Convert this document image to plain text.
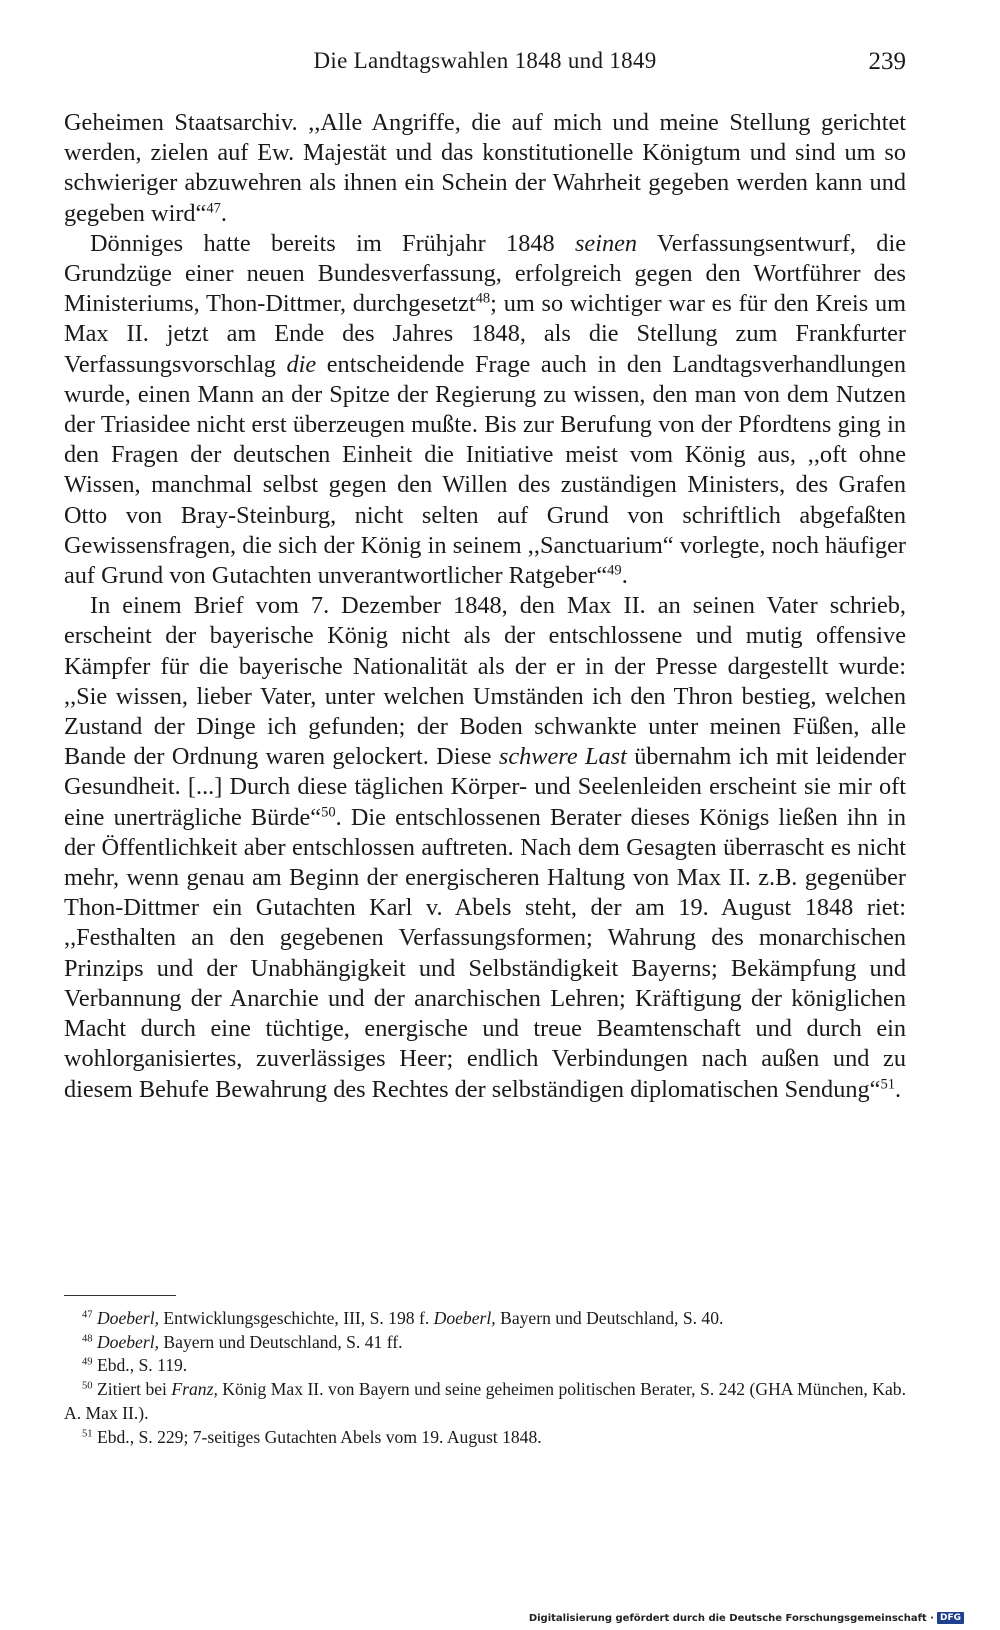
Die Landtagswahlen 1848 und 1849	239

Geheimen Staatsarchiv. ,,Alle Angriffe, die auf mich und meine Stellung gerichtet werden, zielen auf Ew. Majestät und das konstitutionelle Königtum und sind um so schwieriger abzuwehren als ihnen ein Schein der Wahrheit gegeben werden kann und gegeben wird“$^{47}$.

Dönniges hatte bereits im Frühjahr 1848 seinen Verfassungsentwurf, die Grundzüge einer neuen Bundesverfassung, erfolgreich gegen den Wortführer des Ministeriums, Thon-Dittmer, durchgesetzt$^{48}$; um so wichtiger war es für den Kreis um Max II. jetzt am Ende des Jahres 1848, als die Stellung zum Frankfurter Verfassungsvorschlag die entscheidende Frage auch in den Landtagsverhandlungen wurde, einen Mann an der Spitze der Regierung zu wissen, den man von dem Nutzen der Triasidee nicht erst überzeugen mußte. Bis zur Berufung von der Pfordtens ging in den Fragen der deutschen Einheit die Initiative meist vom König aus, ,,oft ohne Wissen, manchmal selbst gegen den Willen des zuständigen Ministers, des Grafen Otto von Bray-Steinburg, nicht selten auf Grund von schriftlich abgefaßten Gewissensfragen, die sich der König in seinem ,,Sanctuarium“ vorlegte, noch häufiger auf Grund von Gutachten unverantwortlicher Ratgeber“$^{49}$.

In einem Brief vom 7. Dezember 1848, den Max II. an seinen Vater schrieb, erscheint der bayerische König nicht als der entschlossene und mutig offensive Kämpfer für die bayerische Nationalität als der er in der Presse dargestellt wurde: ,,Sie wissen, lieber Vater, unter welchen Umständen ich den Thron bestieg, welchen Zustand der Dinge ich gefunden; der Boden schwankte unter meinen Füßen, alle Bande der Ordnung waren gelockert. Diese schwere Last übernahm ich mit leidender Gesundheit. [...] Durch diese täglichen Körper- und Seelenleiden erscheint sie mir oft eine unerträgliche Bürde“$^{50}$. Die entschlossenen Berater dieses Königs ließen ihn in der Öffentlichkeit aber entschlossen auftreten. Nach dem Gesagten überrascht es nicht mehr, wenn genau am Beginn der energischeren Haltung von Max II. z.B. gegenüber Thon-Dittmer ein Gutachten Karl v. Abels steht, der am 19. August 1848 riet: ,,Festhalten an den gegebenen Verfassungsformen; Wahrung des monarchischen Prinzips und der Unabhängigkeit und Selbständigkeit Bayerns; Bekämpfung und Verbannung der Anarchie und der anarchischen Lehren; Kräftigung der königlichen Macht durch eine tüchtige, energische und treue Beamtenschaft und durch ein wohlorganisiertes, zuverlässiges Heer; endlich Verbindungen nach außen und zu diesem Behufe Bewahrung des Rechtes der selbständigen diplomatischen Sendung“$^{51}$.

$^{47}$ Doeberl, Entwicklungsgeschichte, III, S. 198 f. Doeberl, Bayern und Deutschland, S. 40.

$^{48}$ Doeberl, Bayern und Deutschland, S. 41 ff.

$^{49}$ Ebd., S. 119.

$^{50}$ Zitiert bei Franz, König Max II. von Bayern und seine geheimen politischen Berater, S. 242 (GHA München, Kab. A. Max II.).

$^{51}$ Ebd., S. 229; 7-seitiges Gutachten Abels vom 19. August 1848.

Digitalisierung gefördert durch die Deutsche Forschungsgemeinschaft · DFG
